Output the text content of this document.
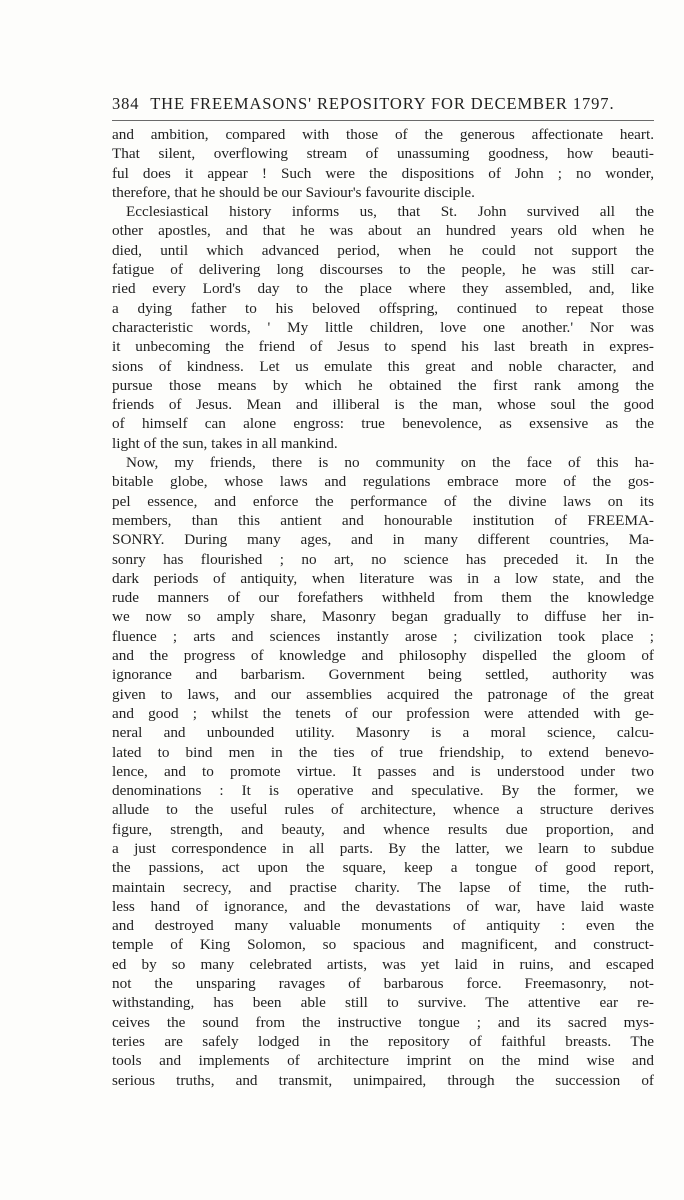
384 THE FREEMASONS' REPOSITORY FOR DECEMBER 1797.
and ambition, compared with those of the generous affectionate heart.
That silent, overflowing stream of unassuming goodness, how beauti-
ful does it appear ! Such were the dispositions of John ; no wonder,
therefore, that he should be our Saviour's favourite disciple.
Ecclesiastical history informs us, that St. John survived all the
other apostles, and that he was about an hundred years old when he
died, until which advanced period, when he could not support the
fatigue of delivering long discourses to the people, he was still car-
ried every Lord's day to the place where they assembled, and, like
a dying father to his beloved offspring, continued to repeat those
characteristic words, ' My little children, love one another.' Nor was
it unbecoming the friend of Jesus to spend his last breath in expres-
sions of kindness. Let us emulate this great and noble character, and
pursue those means by which he obtained the first rank among the
friends of Jesus. Mean and illiberal is the man, whose soul the good
of himself can alone engross: true benevolence, as exsensive as the
light of the sun, takes in all mankind.
Now, my friends, there is no community on the face of this ha-
bitable globe, whose laws and regulations embrace more of the gos-
pel essence, and enforce the performance of the divine laws on its
members, than this antient and honourable institution of FREEMA-
SONRY. During many ages, and in many different countries, Ma-
sonry has flourished ; no art, no science has preceded it. In the
dark periods of antiquity, when literature was in a low state, and the
rude manners of our forefathers withheld from them the knowledge
we now so amply share, Masonry began gradually to diffuse her in-
fluence ; arts and sciences instantly arose ; civilization took place ;
and the progress of knowledge and philosophy dispelled the gloom of
ignorance and barbarism. Government being settled, authority was
given to laws, and our assemblies acquired the patronage of the great
and good ; whilst the tenets of our profession were attended with ge-
neral and unbounded utility. Masonry is a moral science, calcu-
lated to bind men in the ties of true friendship, to extend benevo-
lence, and to promote virtue. It passes and is understood under two
denominations : It is operative and speculative. By the former, we
allude to the useful rules of architecture, whence a structure derives
figure, strength, and beauty, and whence results due proportion, and
a just correspondence in all parts. By the latter, we learn to subdue
the passions, act upon the square, keep a tongue of good report,
maintain secrecy, and practise charity. The lapse of time, the ruth-
less hand of ignorance, and the devastations of war, have laid waste
and destroyed many valuable monuments of antiquity : even the
temple of King Solomon, so spacious and magnificent, and construct-
ed by so many celebrated artists, was yet laid in ruins, and escaped
not the unsparing ravages of barbarous force. Freemasonry, not-
withstanding, has been able still to survive. The attentive ear re-
ceives the sound from the instructive tongue ; and its sacred mys-
teries are safely lodged in the repository of faithful breasts. The
tools and implements of architecture imprint on the mind wise and
serious truths, and transmit, unimpaired, through the succession of
